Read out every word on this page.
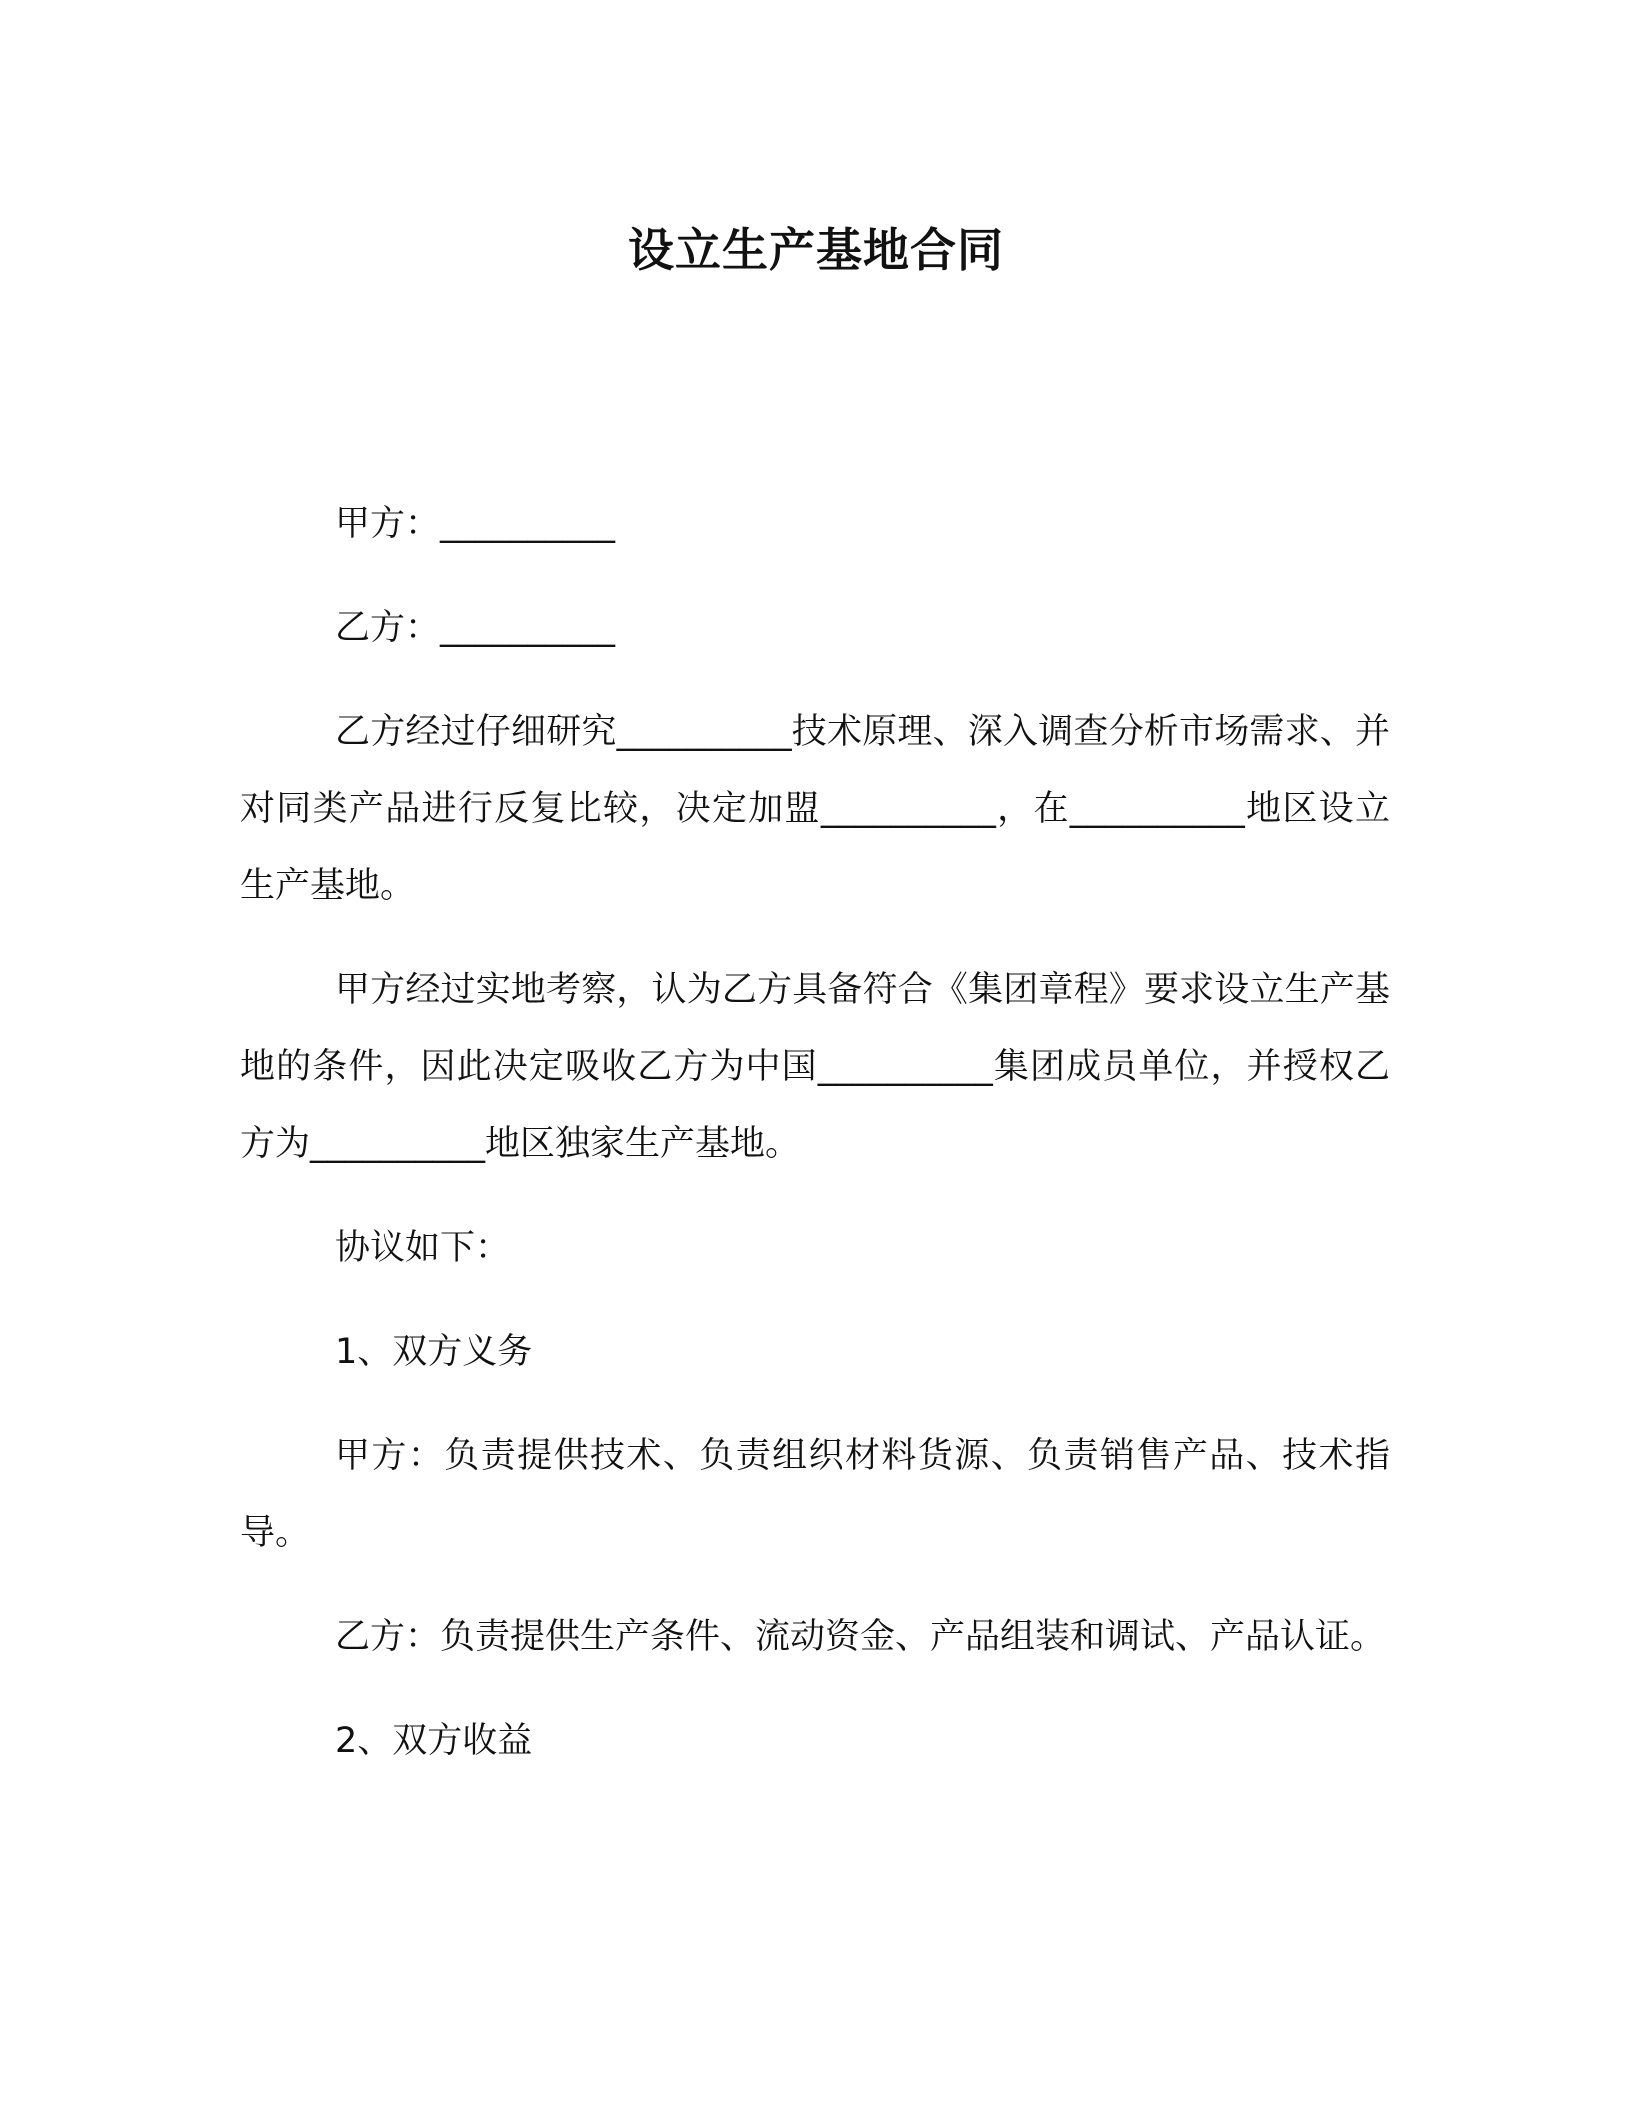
设立生产基地合同

甲方：__________

乙方：__________

乙方经过仔细研究__________技术原理、深入调查分析市场需求、并对同类产品进行反复比较，决定加盟__________，在__________地区设立生产基地。

甲方经过实地考察，认为乙方具备符合《集团章程》要求设立生产基地的条件，因此决定吸收乙方为中国__________集团成员单位，并授权乙方为__________地区独家生产基地。

协议如下：

1、双方义务

甲方：负责提供技术、负责组织材料货源、负责销售产品、技术指导。

乙方：负责提供生产条件、流动资金、产品组装和调试、产品认证。

2、双方收益
